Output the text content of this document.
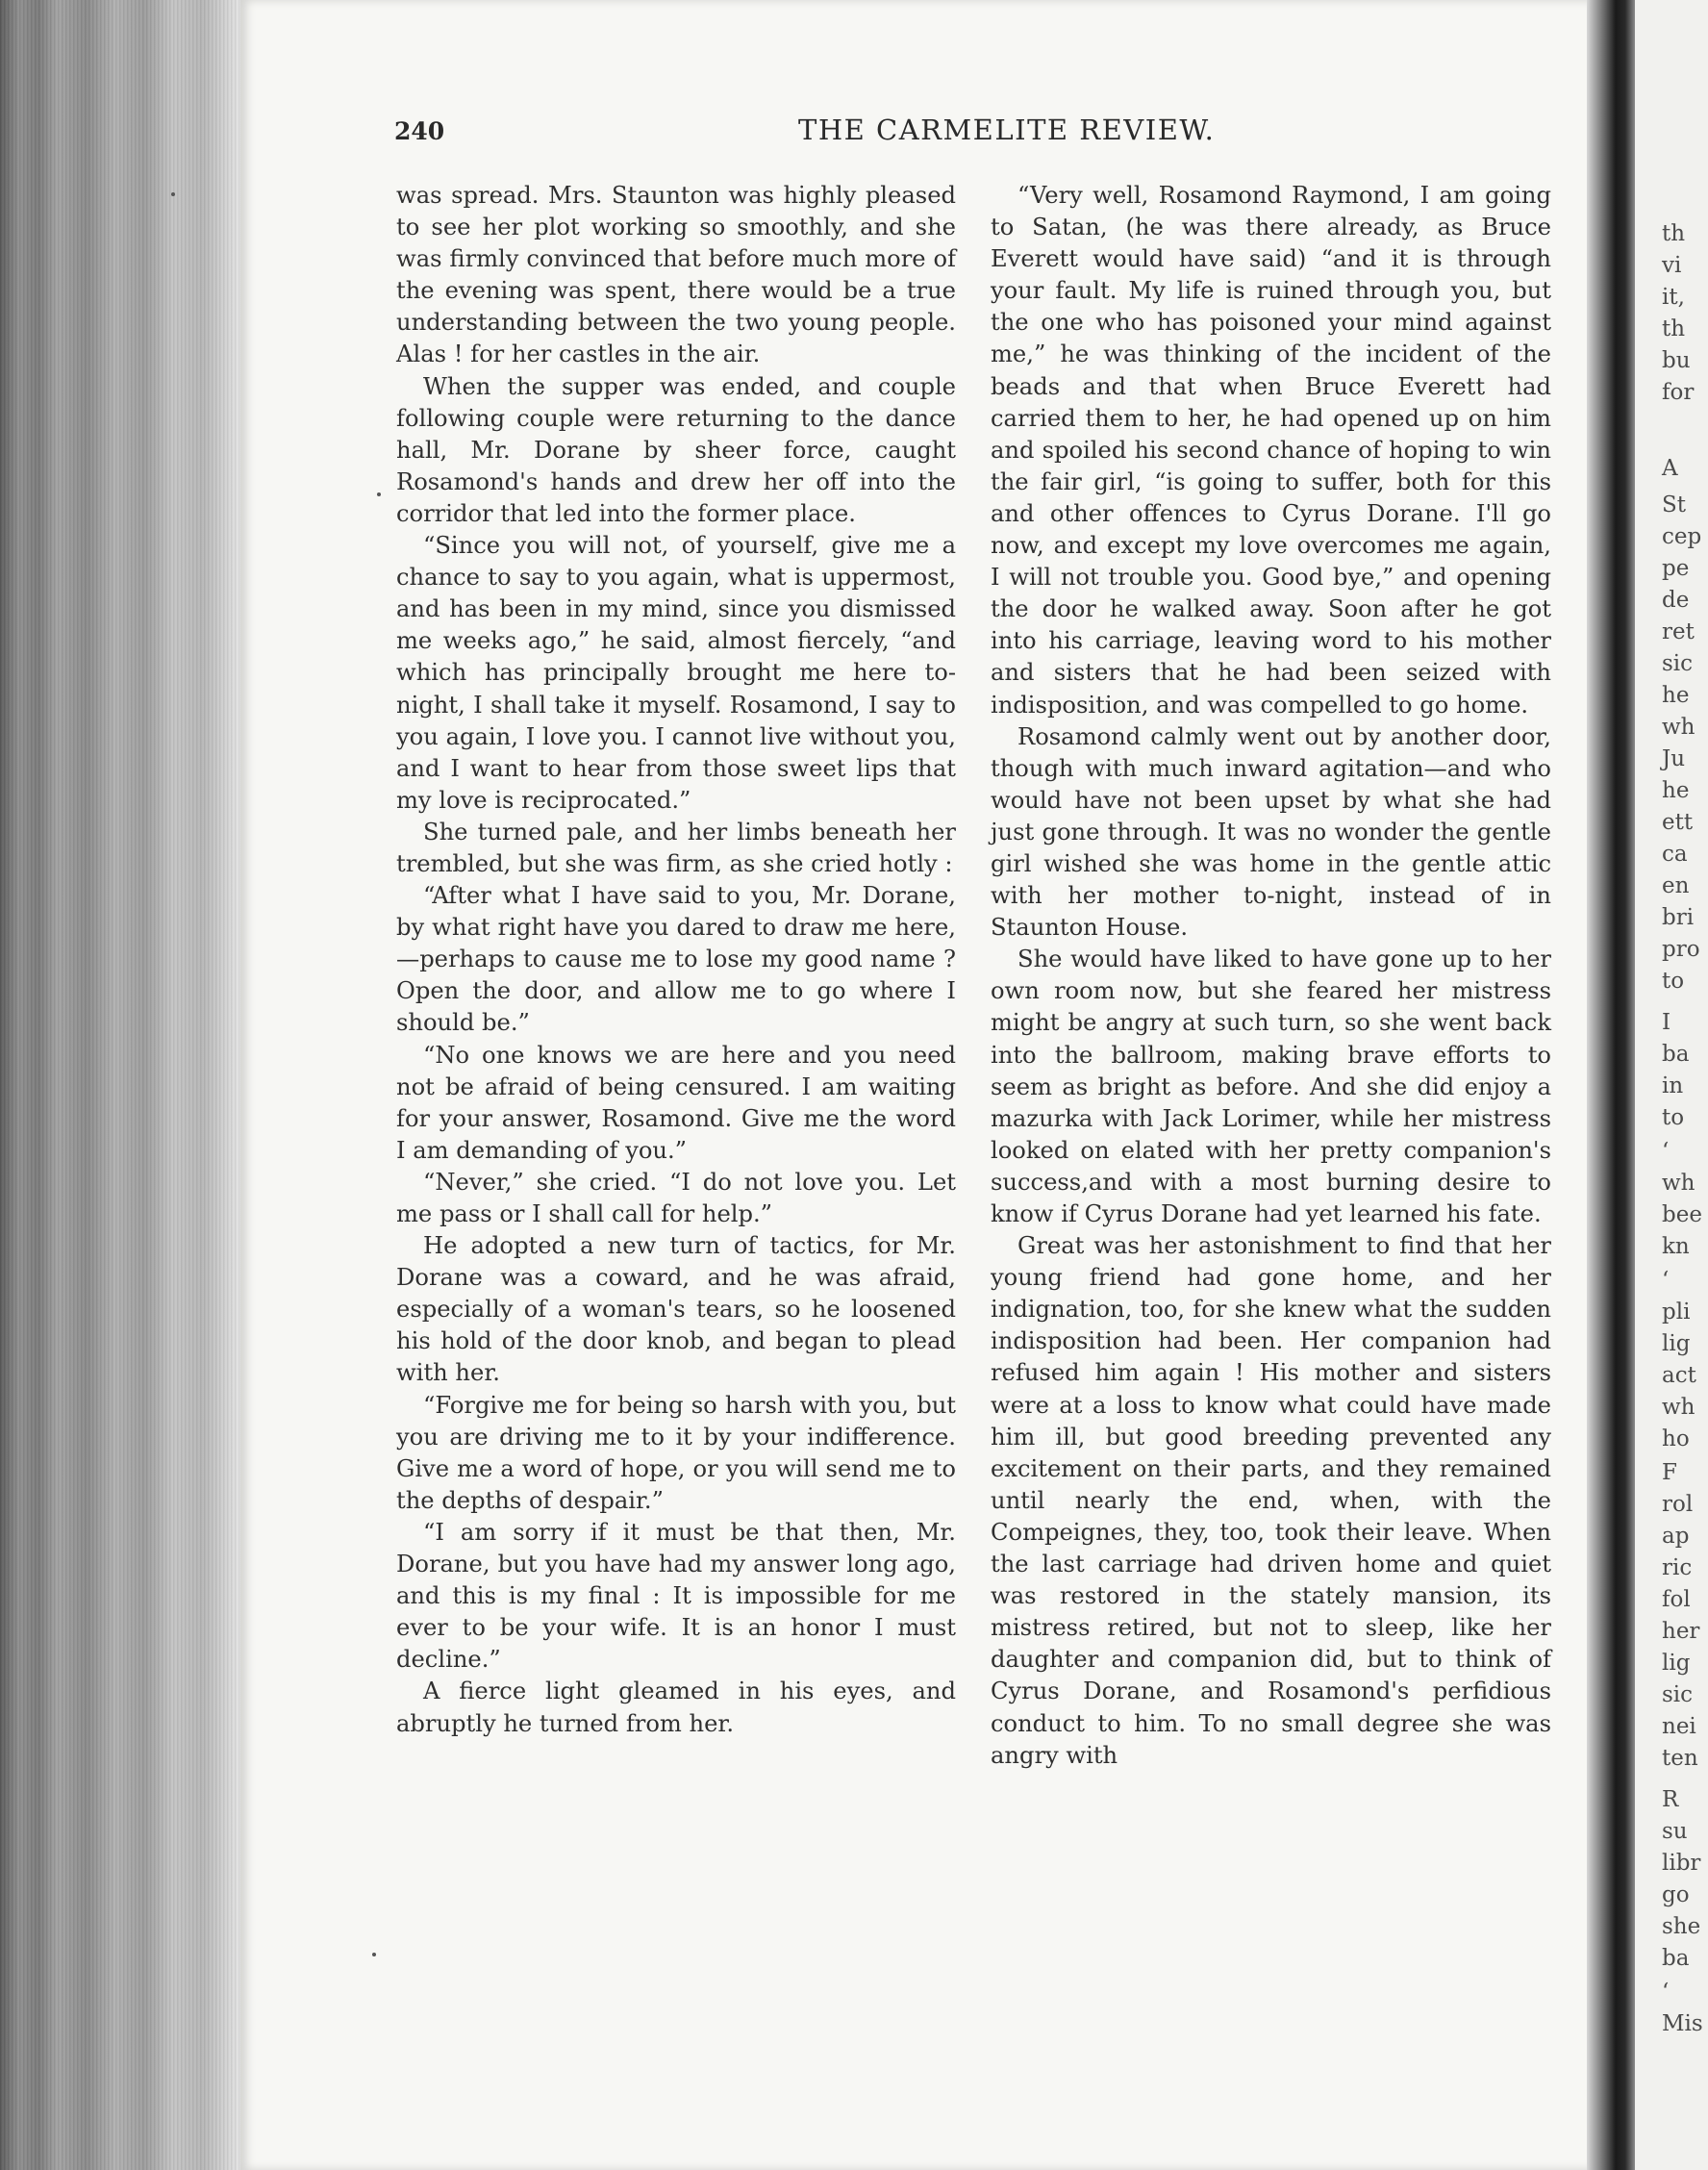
th
vi
it,
th
bu
for
A
St
cep
pe
de
ret
sic
he
wh
Ju
he
ett
ca
en
bri
pro
to
I
ba
in
to
‘
wh
bee
kn
‘
pli
lig
act
wh
ho
F
rol
ap
ric
fol
her
lig
sic
nei
ten
R
su
libr
go
she
ba
‘
Mis
240	THE CARMELITE REVIEW.

was spread. Mrs. Staunton was highly pleased to see her plot working so smoothly, and she was firmly convinced that before much more of the evening was spent, there would be a true understanding between the two young people. Alas ! for her castles in the air.

When the supper was ended, and couple following couple were returning to the dance hall, Mr. Dorane by sheer force, caught Rosamond's hands and drew her off into the corridor that led into the former place.

“Since you will not, of yourself, give me a chance to say to you again, what is uppermost, and has been in my mind, since you dismissed me weeks ago,” he said, almost fiercely, “and which has principally brought me here to-night, I shall take it myself. Rosamond, I say to you again, I love you. I cannot live without you, and I want to hear from those sweet lips that my love is reciprocated.”

She turned pale, and her limbs beneath her trembled, but she was firm, as she cried hotly :

“After what I have said to you, Mr. Dorane, by what right have you dared to draw me here,—perhaps to cause me to lose my good name ? Open the door, and allow me to go where I should be.”

“No one knows we are here and you need not be afraid of being censured. I am waiting for your answer, Rosamond. Give me the word I am demanding of you.”

“Never,” she cried. “I do not love you. Let me pass or I shall call for help.”

He adopted a new turn of tactics, for Mr. Dorane was a coward, and he was afraid, especially of a woman's tears, so he loosened his hold of the door knob, and began to plead with her.

“Forgive me for being so harsh with you, but you are driving me to it by your indifference. Give me a word of hope, or you will send me to the depths of despair.”

“I am sorry if it must be that then, Mr. Dorane, but you have had my answer long ago, and this is my final : It is impossible for me ever to be your wife. It is an honor I must decline.”

A fierce light gleamed in his eyes, and abruptly he turned from her.

“Very well, Rosamond Raymond, I am going to Satan, (he was there already, as Bruce Everett would have said) “and it is through your fault. My life is ruined through you, but the one who has poisoned your mind against me,” he was thinking of the incident of the beads and that when Bruce Everett had carried them to her, he had opened up on him and spoiled his second chance of hoping to win the fair girl, “is going to suffer, both for this and other offences to Cyrus Dorane. I'll go now, and except my love overcomes me again, I will not trouble you. Good bye,” and opening the door he walked away. Soon after he got into his carriage, leaving word to his mother and sisters that he had been seized with indisposition, and was compelled to go home.

Rosamond calmly went out by another door, though with much inward agitation—and who would have not been upset by what she had just gone through. It was no wonder the gentle girl wished she was home in the gentle attic with her mother to-night, instead of in Staunton House.

She would have liked to have gone up to her own room now, but she feared her mistress might be angry at such turn, so she went back into the ballroom, making brave efforts to seem as bright as before. And she did enjoy a mazurka with Jack Lorimer, while her mistress looked on elated with her pretty companion's success,and with a most burning desire to know if Cyrus Dorane had yet learned his fate.

Great was her astonishment to find that her young friend had gone home, and her indignation, too, for she knew what the sudden indisposition had been. Her companion had refused him again ! His mother and sisters were at a loss to know what could have made him ill, but good breeding prevented any excitement on their parts, and they remained until nearly the end, when, with the Compeignes, they, too, took their leave. When the last carriage had driven home and quiet was restored in the stately mansion, its mistress retired, but not to sleep, like her daughter and companion did, but to think of Cyrus Dorane, and Rosamond's perfidious conduct to him. To no small degree she was angry with
